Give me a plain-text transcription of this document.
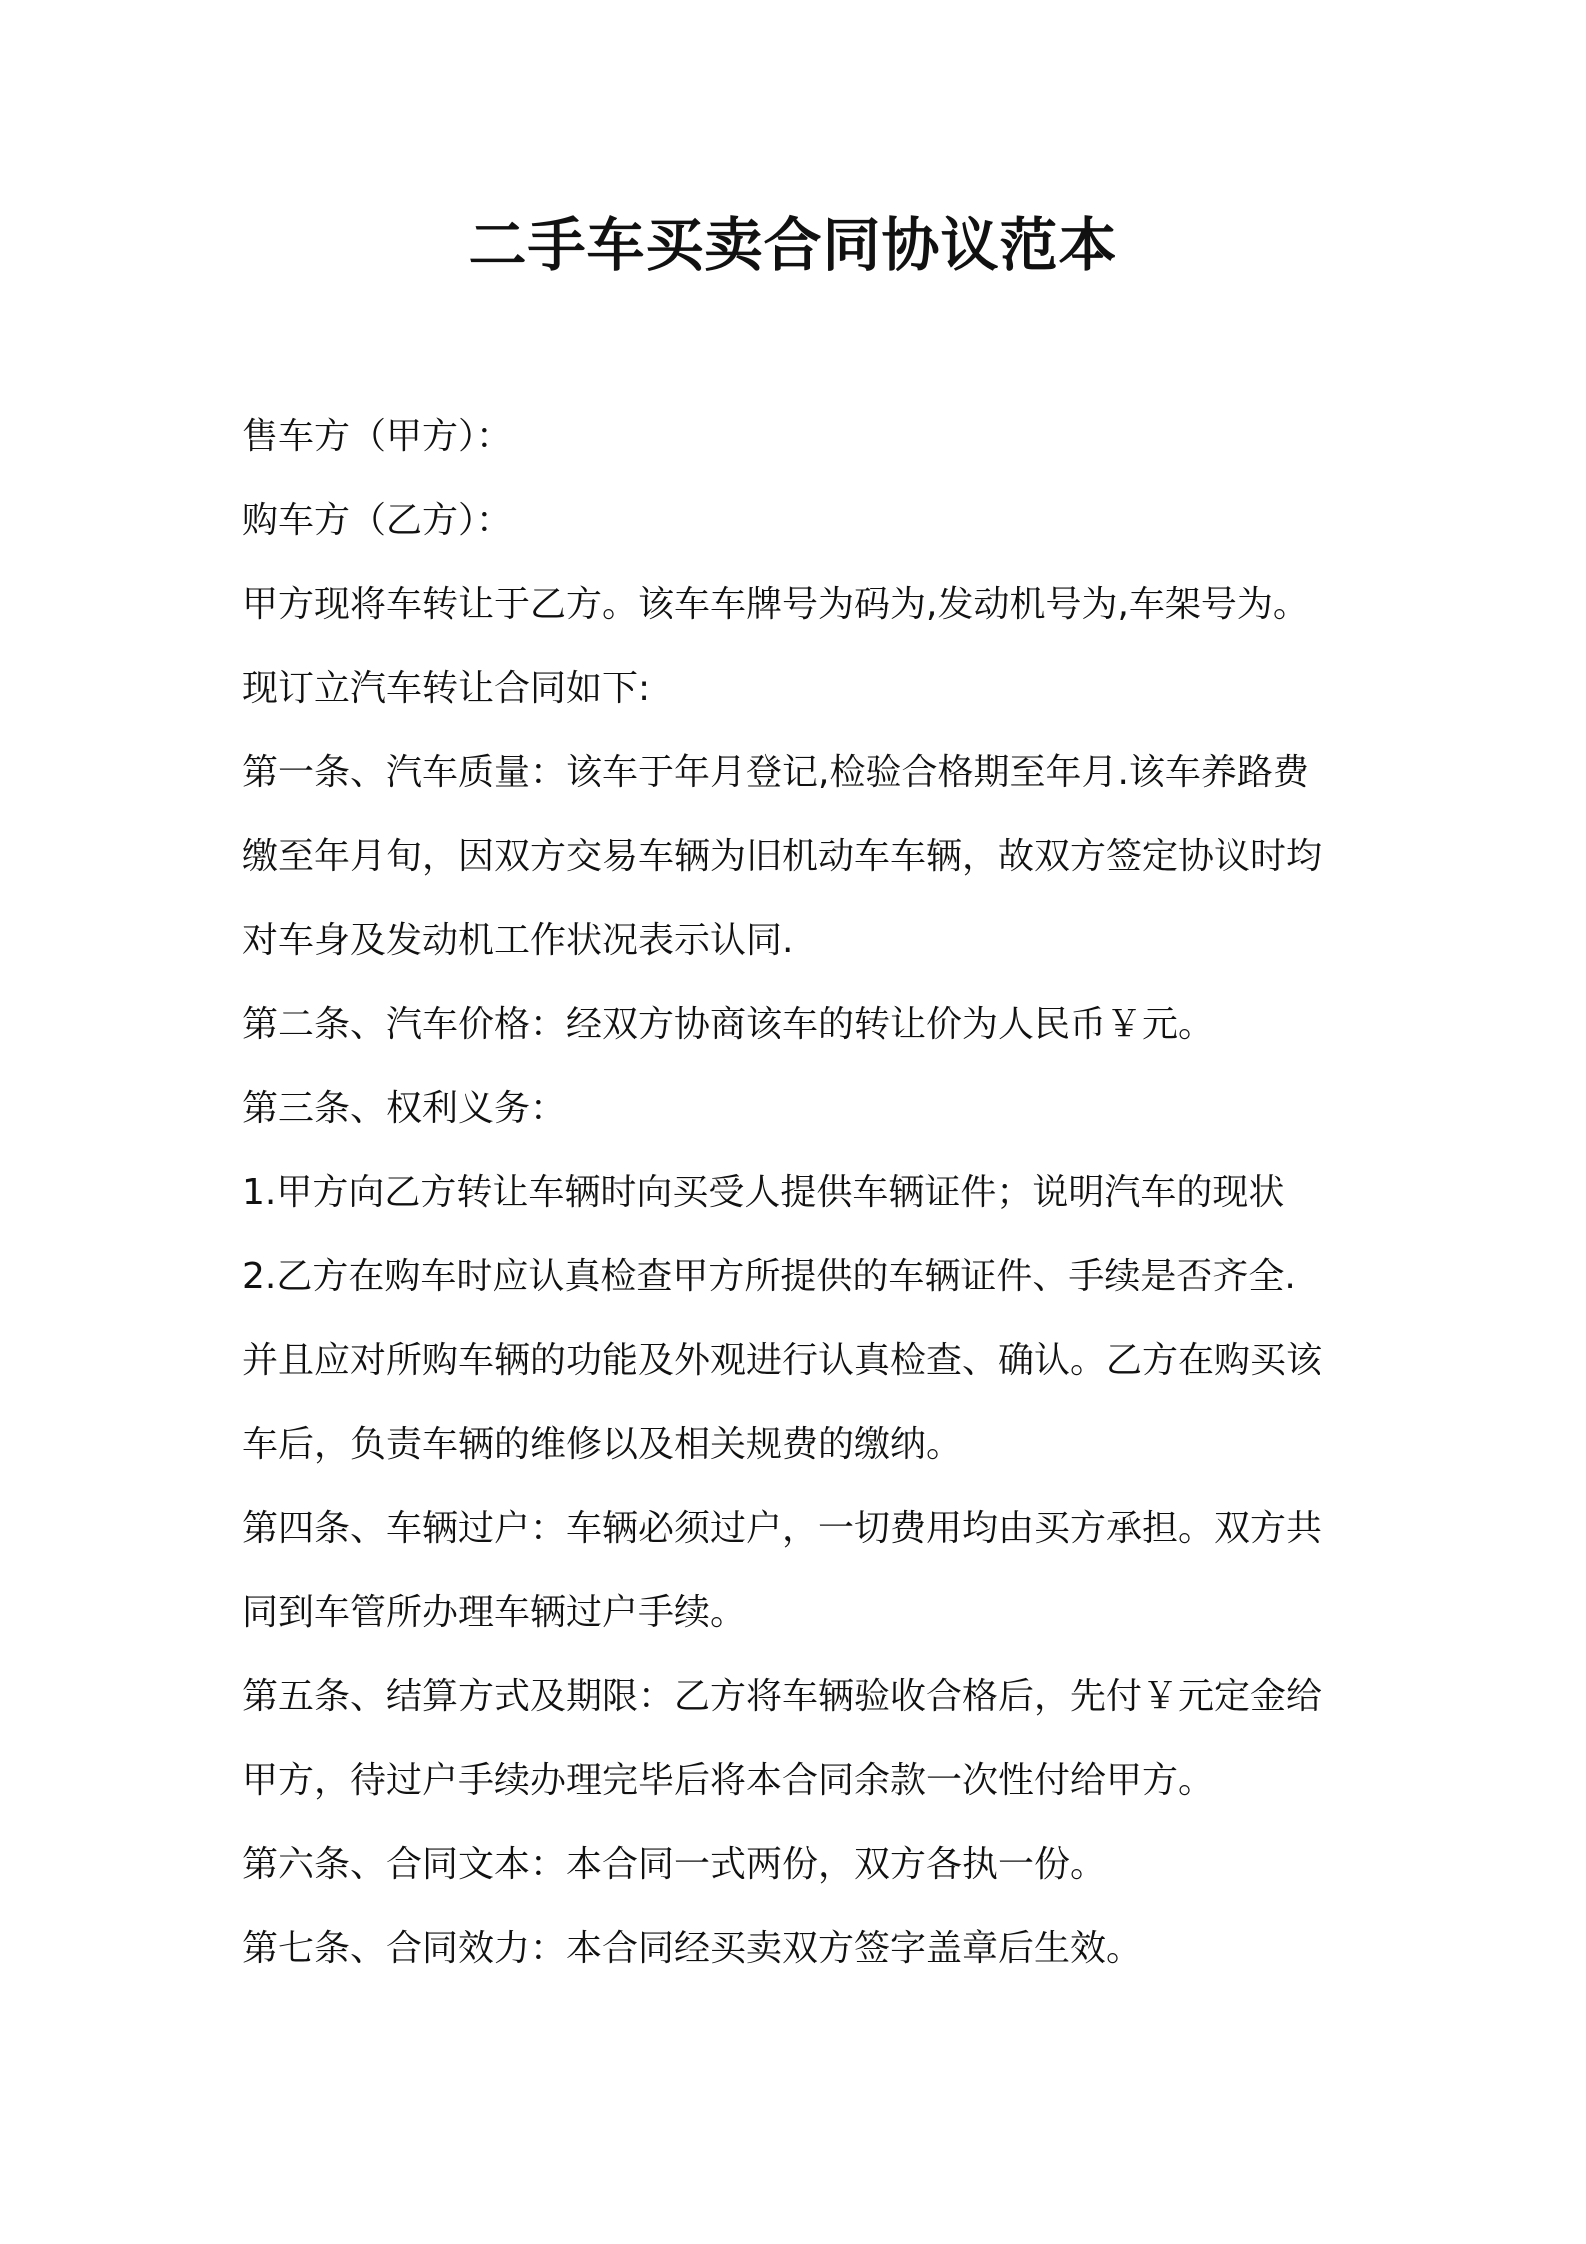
二手车买卖合同协议范本

售车方（甲方）：

购车方（乙方）：

甲方现将车转让于乙方。该车车牌号为码为,发动机号为,车架号为。

现订立汽车转让合同如下:

第一条、汽车质量：该车于年月登记,检验合格期至年月.该车养路费

缴至年月旬，因双方交易车辆为旧机动车车辆，故双方签定协议时均

对车身及发动机工作状况表示认同.

第二条、汽车价格：经双方协商该车的转让价为人民币￥元。

第三条、权利义务：

1.甲方向乙方转让车辆时向买受人提供车辆证件；说明汽车的现状

2.乙方在购车时应认真检查甲方所提供的车辆证件、手续是否齐全.

并且应对所购车辆的功能及外观进行认真检查、确认。乙方在购买该

车后，负责车辆的维修以及相关规费的缴纳。

第四条、车辆过户：车辆必须过户，一切费用均由买方承担。双方共

同到车管所办理车辆过户手续。

第五条、结算方式及期限：乙方将车辆验收合格后，先付￥元定金给

甲方，待过户手续办理完毕后将本合同余款一次性付给甲方。

第六条、合同文本：本合同一式两份，双方各执一份。

第七条、合同效力：本合同经买卖双方签字盖章后生效。
